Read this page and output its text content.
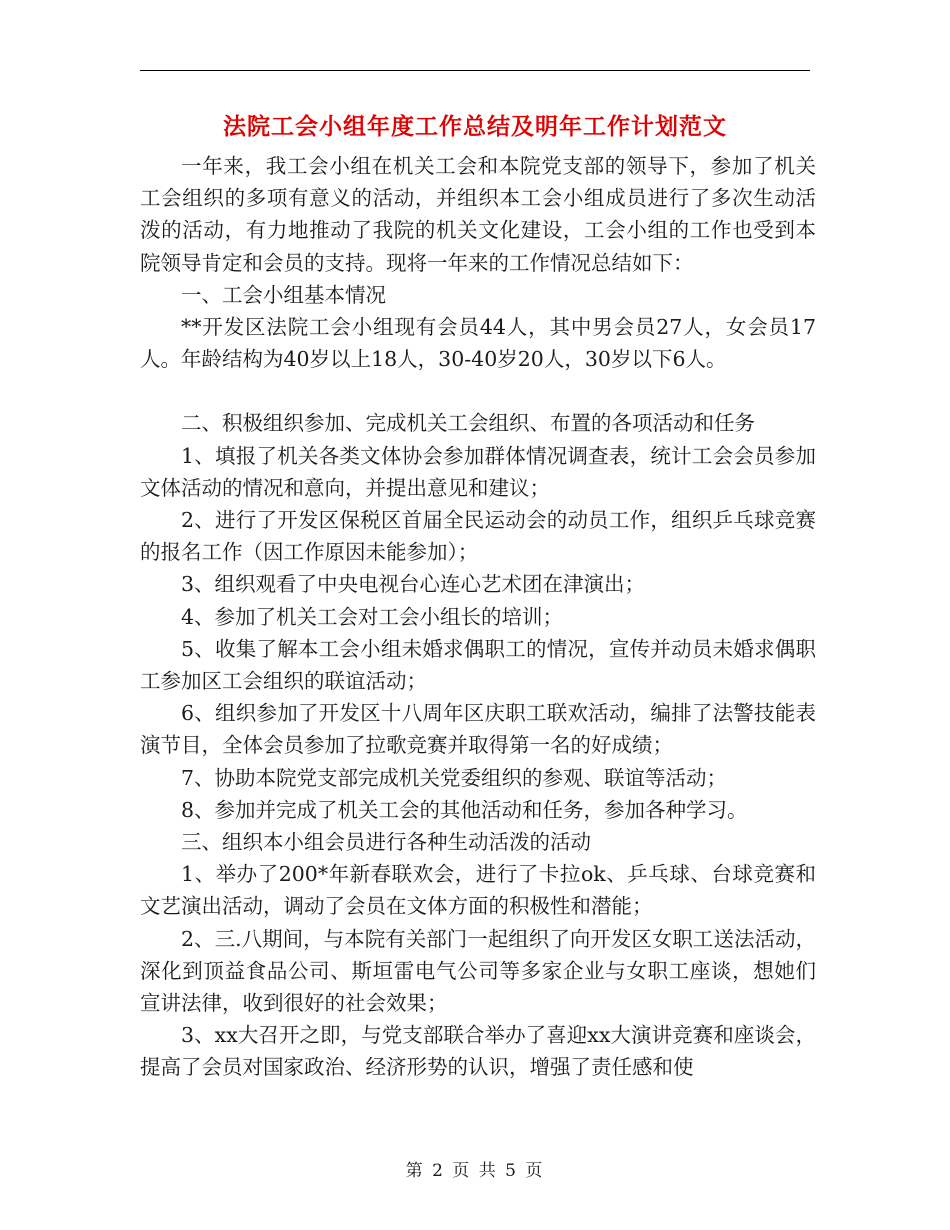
法院工会小组年度工作总结及明年工作计划范文

一年来，我工会小组在机关工会和本院党支部的领导下，参加了机关工会组织的多项有意义的活动，并组织本工会小组成员进行了多次生动活泼的活动，有力地推动了我院的机关文化建设，工会小组的工作也受到本院领导肯定和会员的支持。现将一年来的工作情况总结如下：

一、工会小组基本情况

**开发区法院工会小组现有会员44人，其中男会员27人，女会员17人。年龄结构为40岁以上18人，30-40岁20人，30岁以下6人。

二、积极组织参加、完成机关工会组织、布置的各项活动和任务

1、填报了机关各类文体协会参加群体情况调查表，统计工会会员参加文体活动的情况和意向，并提出意见和建议；

2、进行了开发区保税区首届全民运动会的动员工作，组织乒乓球竞赛的报名工作（因工作原因未能参加）；

3、组织观看了中央电视台心连心艺术团在津演出；

4、参加了机关工会对工会小组长的培训；

5、收集了解本工会小组未婚求偶职工的情况，宣传并动员未婚求偶职工参加区工会组织的联谊活动；

6、组织参加了开发区十八周年区庆职工联欢活动，编排了法警技能表演节目，全体会员参加了拉歌竞赛并取得第一名的好成绩；

7、协助本院党支部完成机关党委组织的参观、联谊等活动；

8、参加并完成了机关工会的其他活动和任务，参加各种学习。

三、组织本小组会员进行各种生动活泼的活动

1、举办了200*年新春联欢会，进行了卡拉ok、乒乓球、台球竞赛和文艺演出活动，调动了会员在文体方面的积极性和潜能；

2、三.八期间，与本院有关部门一起组织了向开发区女职工送法活动，深化到顶益食品公司、斯垣雷电气公司等多家企业与女职工座谈，想她们宣讲法律，收到很好的社会效果；

3、xx大召开之即，与党支部联合举办了喜迎xx大演讲竞赛和座谈会，提高了会员对国家政治、经济形势的认识，增强了责任感和使

第 2 页 共 5 页
